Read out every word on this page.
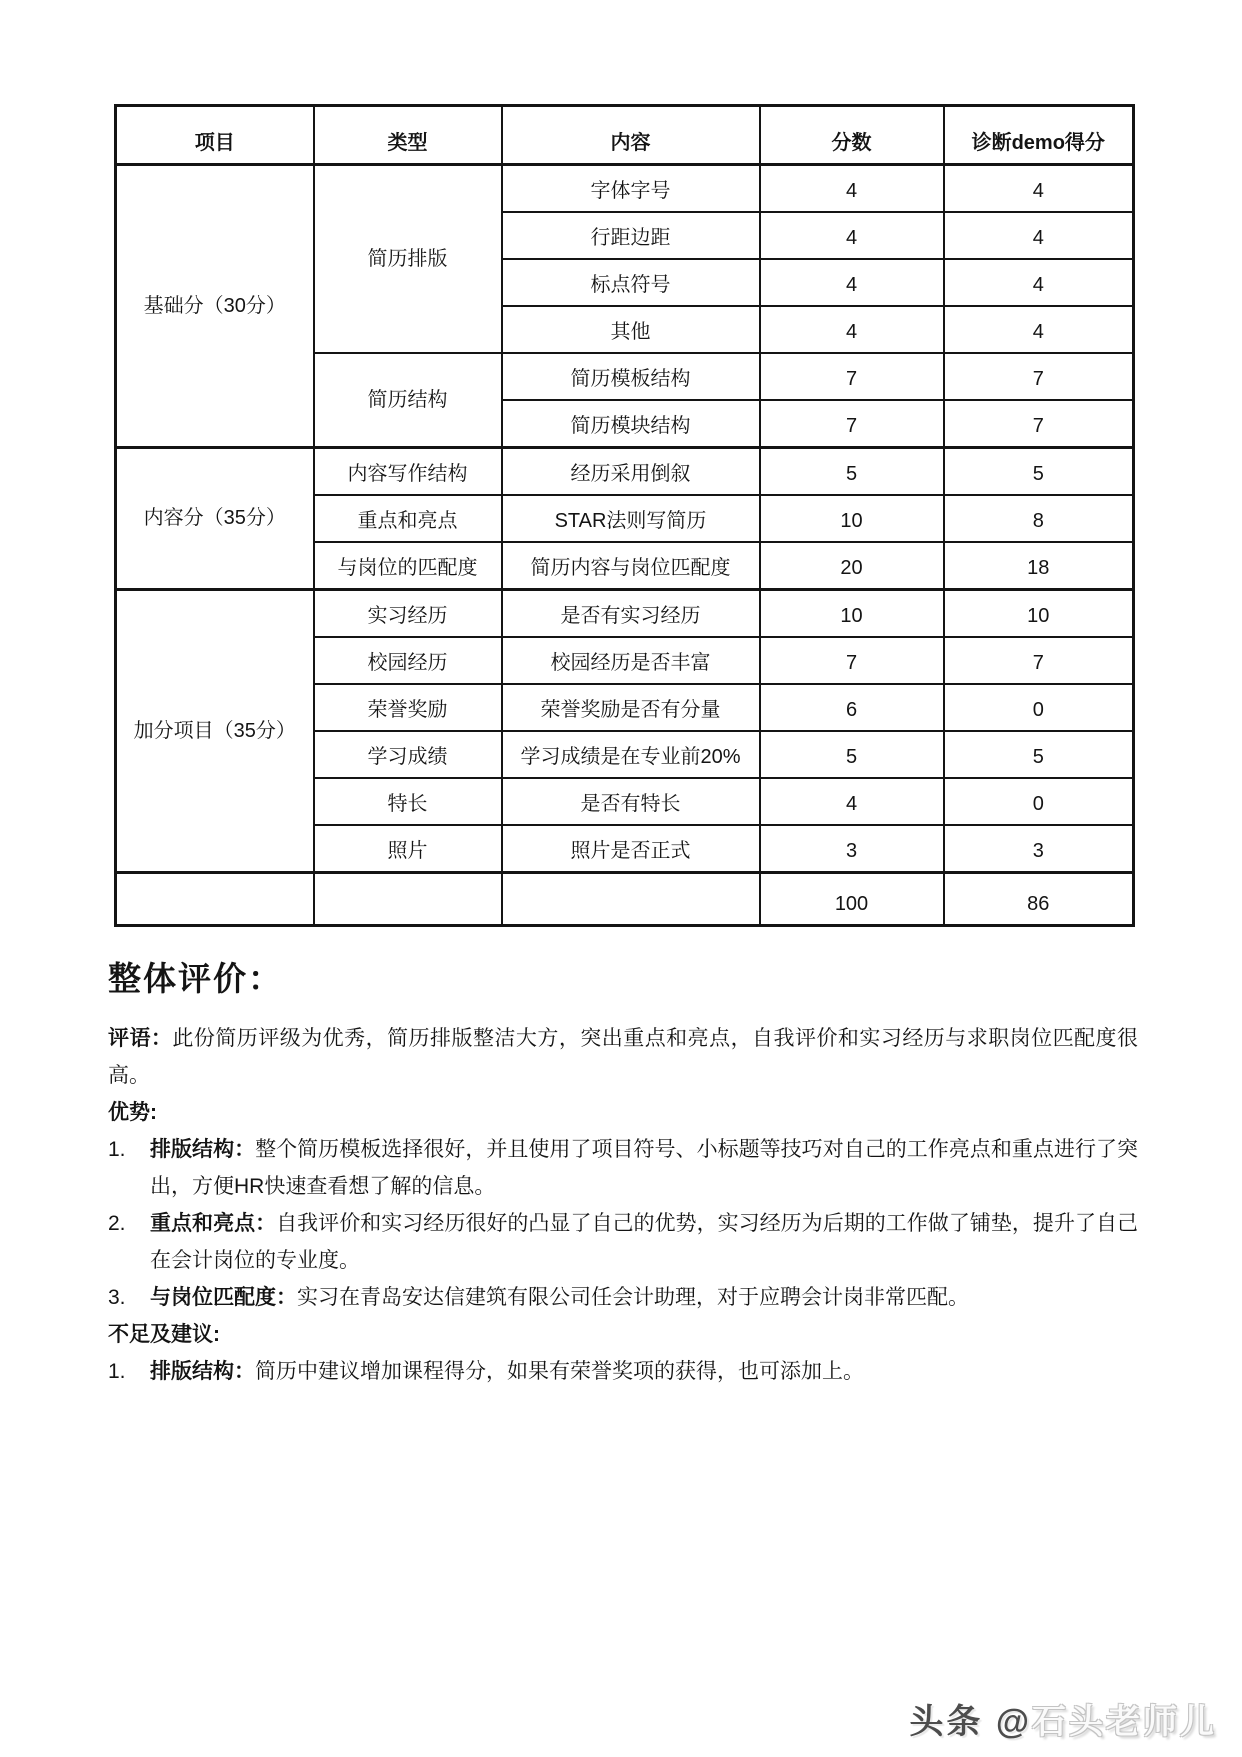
项目	类型	内容	分数	诊断demo得分
基础分（30分）	简历排版	字体字号	4	4
		行距边距	4	4
		标点符号	4	4
		其他	4	4
	简历结构	简历模板结构	7	7
		简历模块结构	7	7
内容分（35分）	内容写作结构	经历采用倒叙	5	5
	重点和亮点	STAR法则写简历	10	8
	与岗位的匹配度	简历内容与岗位匹配度	20	18
加分项目（35分）	实习经历	是否有实习经历	10	10
	校园经历	校园经历是否丰富	7	7
	荣誉奖励	荣誉奖励是否有分量	6	0
	学习成绩	学习成绩是在专业前20%	5	5
	特长	是否有特长	4	0
	照片	照片是否正式	3	3
			100	86
整体评价：

评语：此份简历评级为优秀，简历排版整洁大方，突出重点和亮点，自我评价和实习经历与求职岗位匹配度很高。

优势:

1.	排版结构：整个简历模板选择很好，并且使用了项目符号、小标题等技巧对自己的工作亮点和重点进行了突出，方便HR快速查看想了解的信息。
2.	重点和亮点：自我评价和实习经历很好的凸显了自己的优势，实习经历为后期的工作做了铺垫，提升了自己在会计岗位的专业度。
3.	与岗位匹配度：实习在青岛安达信建筑有限公司任会计助理，对于应聘会计岗非常匹配。

不足及建议:

1.	排版结构：简历中建议增加课程得分，如果有荣誉奖项的获得，也可添加上。
头条 @石头老师儿
